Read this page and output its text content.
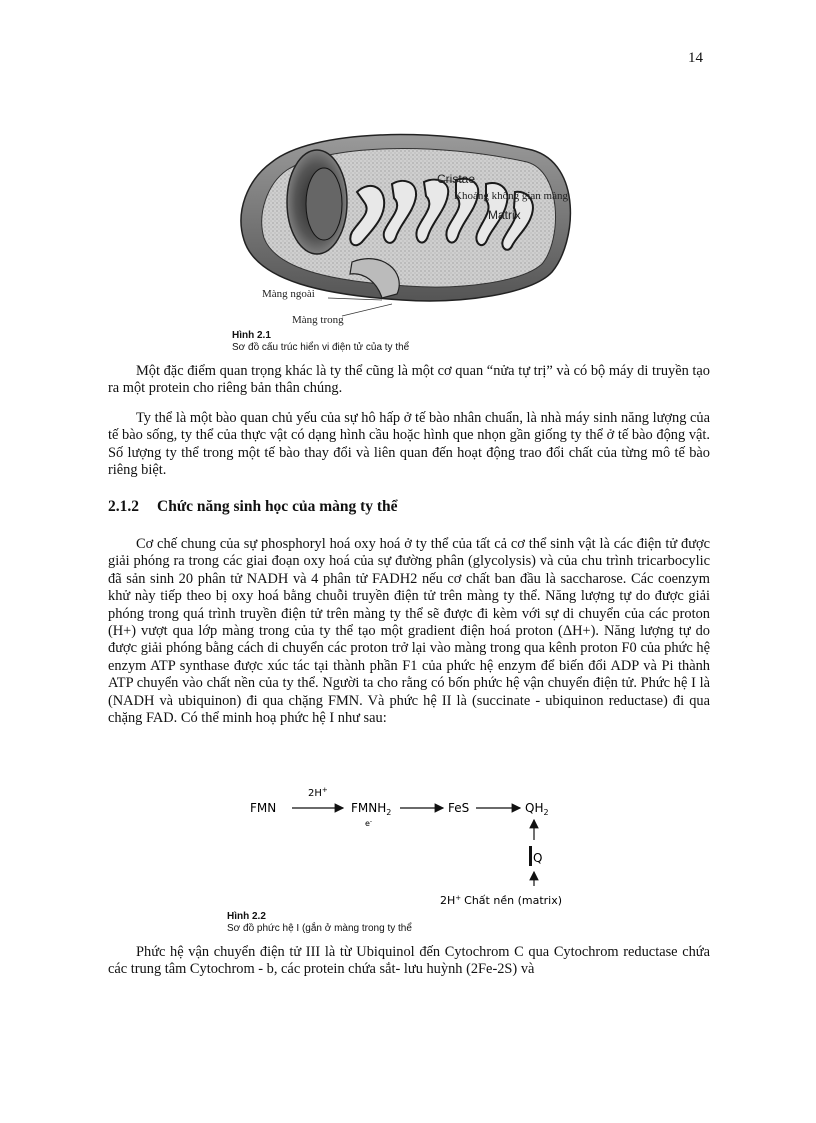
14
Cristae
Khoảng không gian màng
Matrix
Màng ngoài
Màng trong
Hình 2.1
Sơ đồ cấu trúc hiển vi điện tử của ty thể

Một đặc điểm quan trọng khác là ty thể cũng là một cơ quan “nửa tự trị” và có bộ máy di truyền tạo ra một protein cho riêng bản thân chúng.

Ty thể là một bào quan chủ yếu của sự hô hấp ở tế bào nhân chuẩn, là nhà máy sinh năng lượng của tế bào sống, ty thể của thực vật có dạng hình cầu hoặc hình que nhọn gần giống ty thể ở tế bào động vật. Số lượng ty thể trong một tế bào thay đổi và liên quan đến hoạt động trao đổi chất của từng mô tế bào riêng biệt.

2.1.2 Chức năng sinh học của màng ty thể

Cơ chế chung của sự phosphoryl hoá oxy hoá ở ty thể của tất cả cơ thể sinh vật là các điện tử được giải phóng ra trong các giai đoạn oxy hoá của sự đường phân (glycolysis) và của chu trình tricarbocylic đã sản sinh 20 phân tử NADH và 4 phân tử FADH2 nếu cơ chất ban đầu là saccharose. Các coenzym khử này tiếp theo bị oxy hoá bằng chuỗi truyền điện tử trên màng ty thể. Năng lượng tự do được giải phóng trong quá trình truyền điện tử trên màng ty thể sẽ được đi kèm với sự di chuyển của các proton (H+) vượt qua lớp màng trong của ty thể tạo một gradient điện hoá proton (ΔH+). Năng lượng tự do được giải phóng bằng cách di chuyển các proton trở lại vào màng trong qua kênh proton F0 của phức hệ enzym ATP synthase được xúc tác tại thành phần F1 của phức hệ enzym để biến đổi ADP và Pi thành ATP chuyển vào chất nền của ty thể. Người ta cho rằng có bốn phức hệ vận chuyển điện tử. Phức hệ I là (NADH và ubiquinon) đi qua chặng FMN. Và phức hệ II là (succinate - ubiquinon reductase) đi qua chặng FAD. Có thể minh hoạ phức hệ I như sau:

FMN
2H+
$FMNH_2$
e-
FeS	$QH_2$
Q
2H+ Chất nền (matrix)
Hình 2.2
Sơ đồ phức hệ I (gắn ở màng trong ty thể

Phức hệ vận chuyển điện tử III là từ Ubiquinol đến Cytochrom C qua Cytochrom reductase chứa các trung tâm Cytochrom - b, các protein chứa sắt- lưu huỳnh (2Fe-2S) và
